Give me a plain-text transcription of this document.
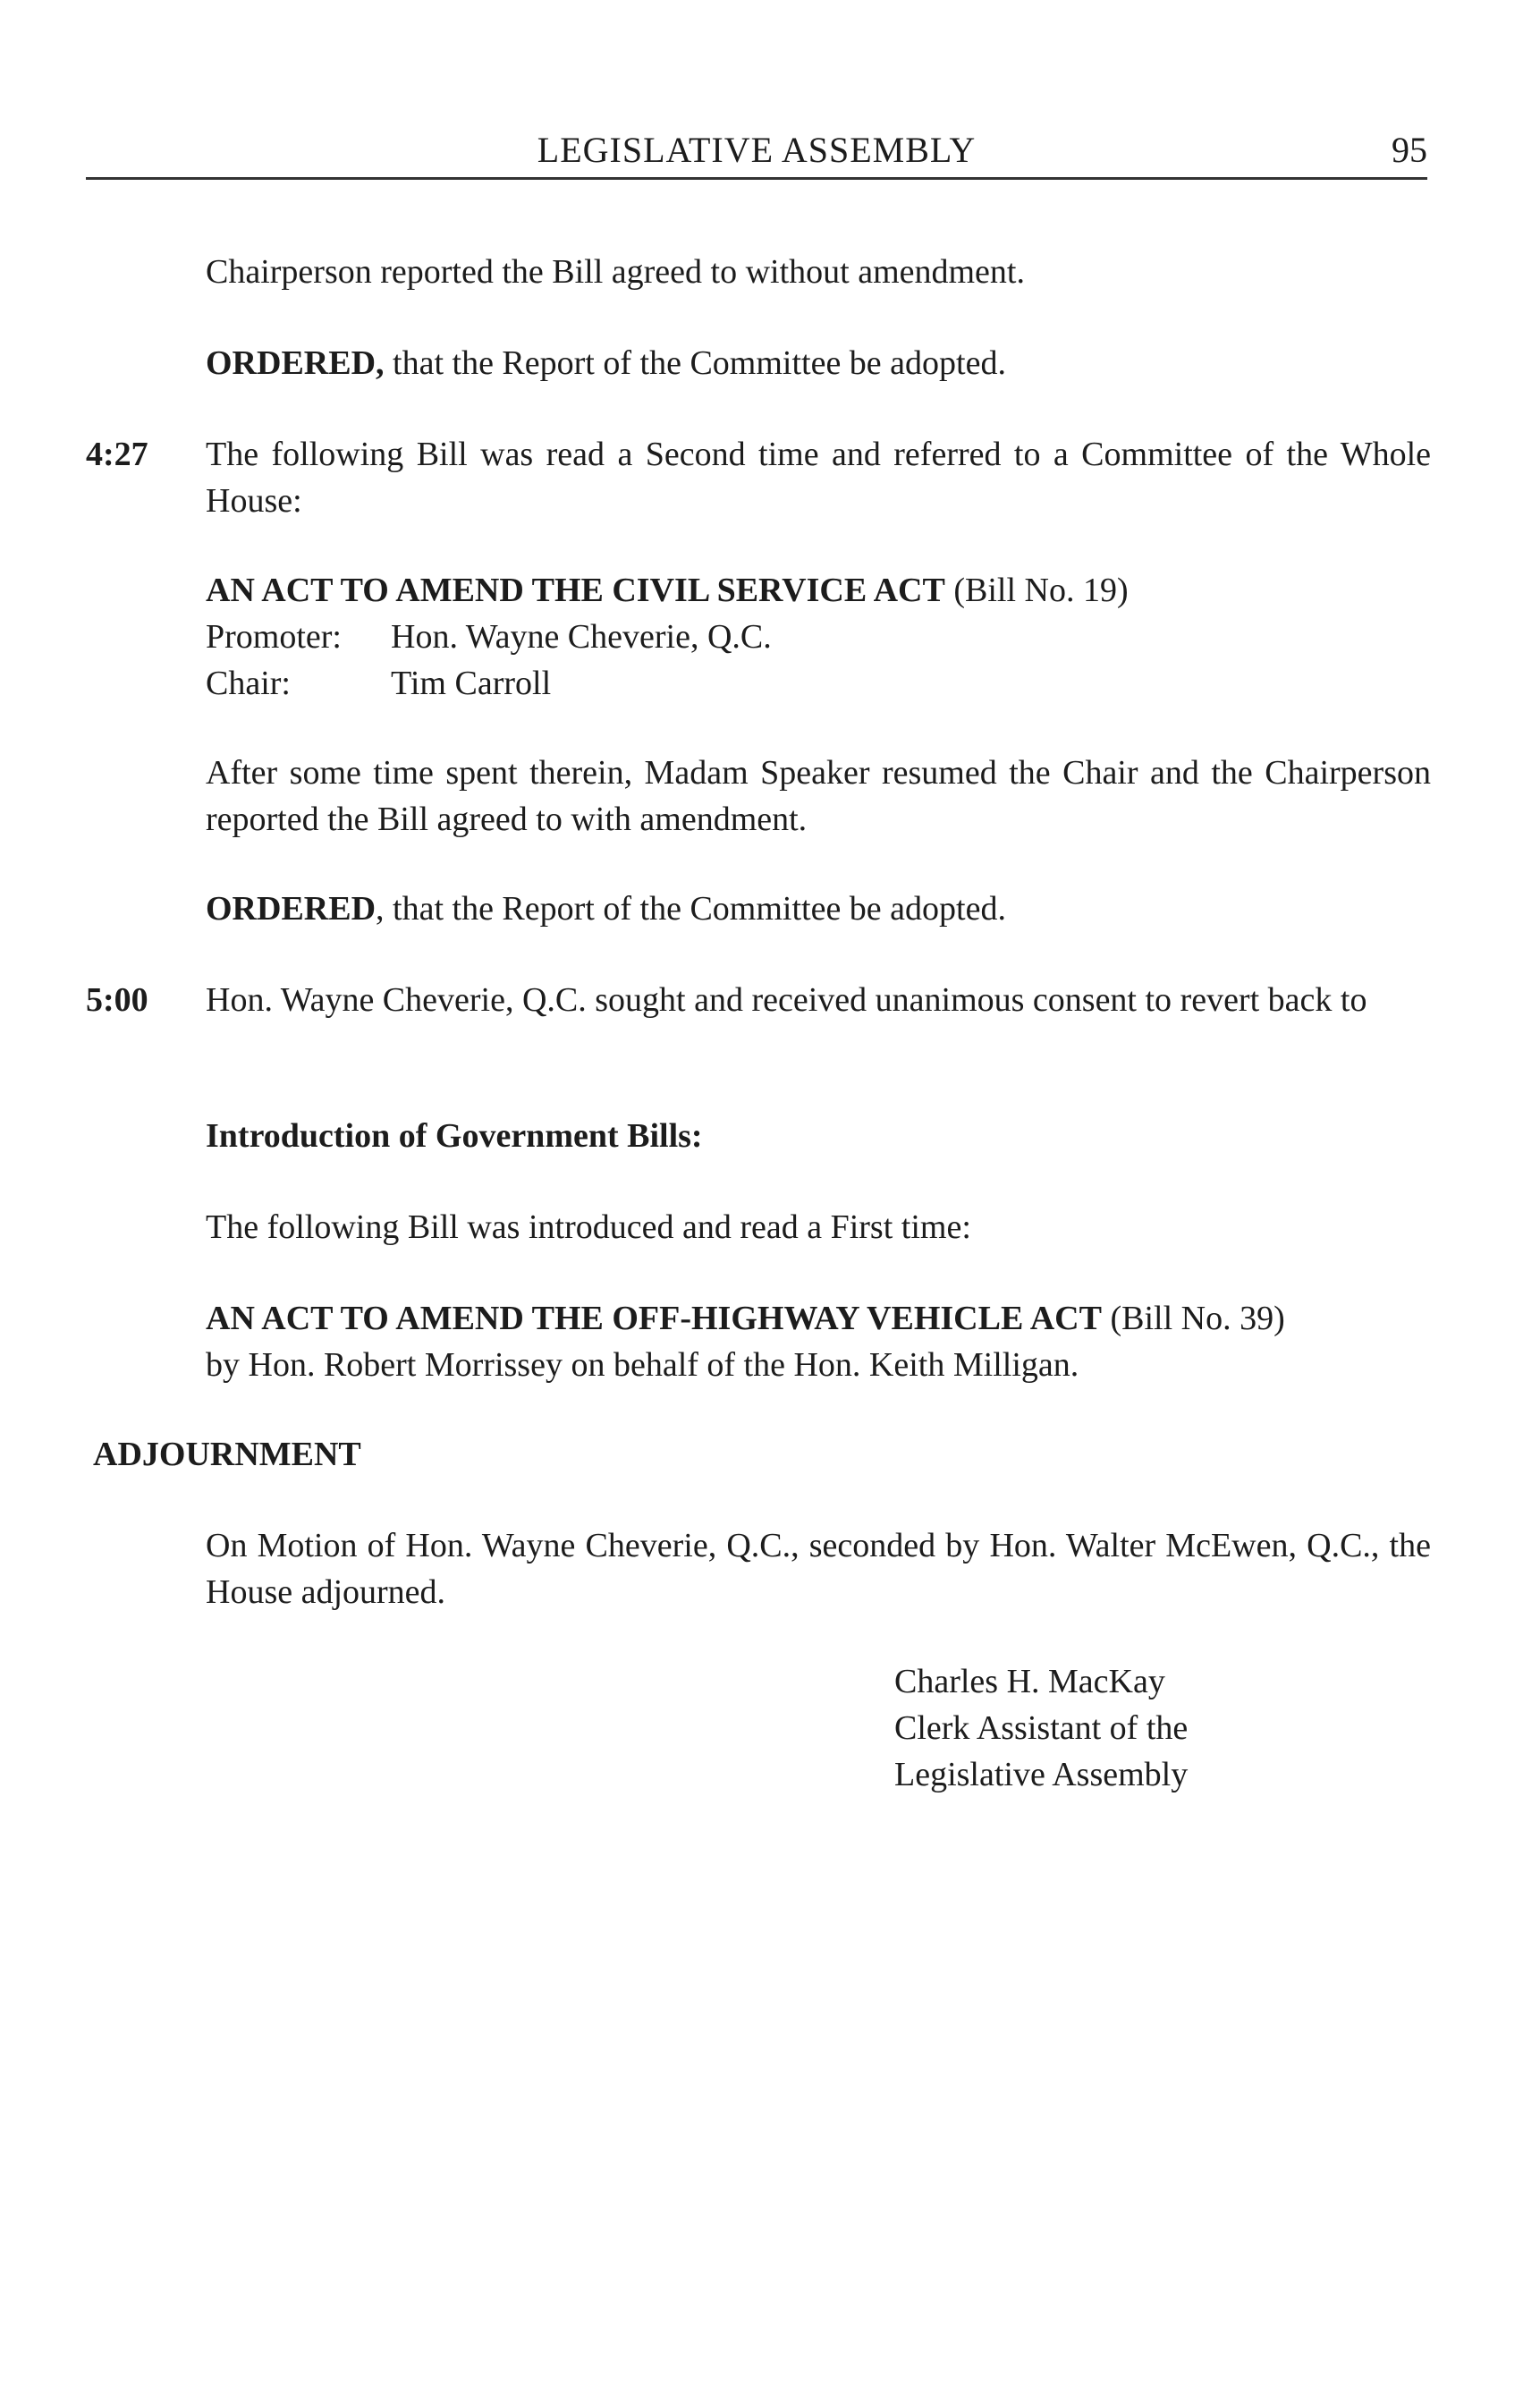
LEGISLATIVE ASSEMBLY	95
Chairperson reported the Bill agreed to without amendment.
ORDERED, that the Report of the Committee be adopted.
4:27	The following Bill was read a Second time and referred to a Committee of the Whole House:
AN ACT TO AMEND THE CIVIL SERVICE ACT (Bill No. 19)
Promoter:	Hon. Wayne Cheverie, Q.C.
Chair:	Tim Carroll
After some time spent therein, Madam Speaker resumed the Chair and the Chairperson reported the Bill agreed to with amendment.
ORDERED, that the Report of the Committee be adopted.
5:00	Hon. Wayne Cheverie, Q.C. sought and received unanimous consent to revert back to
Introduction of Government Bills:
The following Bill was introduced and read a First time:
AN ACT TO AMEND THE OFF-HIGHWAY VEHICLE ACT (Bill No. 39)
by Hon. Robert Morrissey on behalf of the Hon. Keith Milligan.
ADJOURNMENT
On Motion of Hon. Wayne Cheverie, Q.C., seconded by Hon. Walter McEwen, Q.C., the House adjourned.
Charles H. MacKay
Clerk Assistant of the
Legislative Assembly
